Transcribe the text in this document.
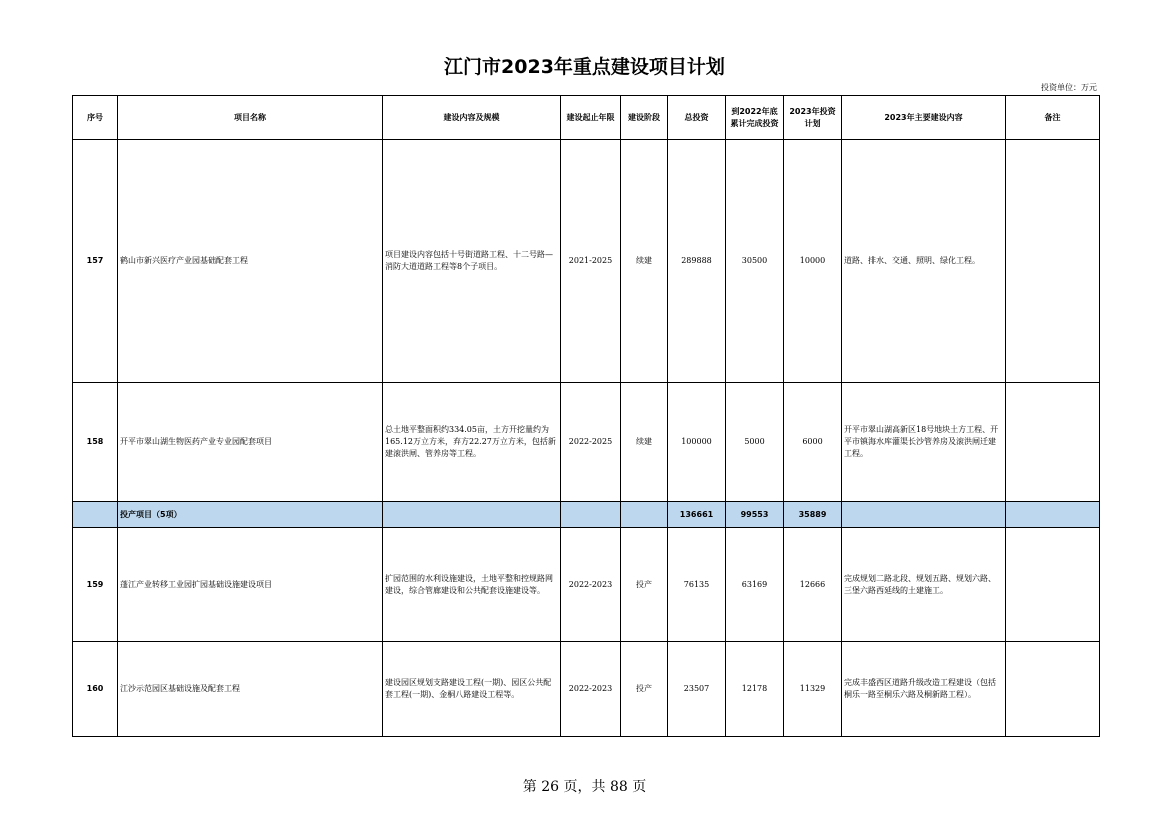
江门市2023年重点建设项目计划
投资单位：万元
序号	项目名称	建设内容及规模	建设起止年限	建设阶段	总投资	到2022年底累计完成投资	2023年投资计划	2023年主要建设内容	备注
157	鹤山市新兴医疗产业园基础配套工程	项目建设内容包括十号街道路工程、十二号路—消防大道道路工程等8个子项目。	2021-2025	续建	289888	30500	10000	道路、排水、交通、照明、绿化工程。	
158	开平市翠山湖生物医药产业专业园配套项目	总土地平整面积约334.05亩，土方开挖量约为165.12万立方米，弃方22.27万立方米，包括新建滚洪闸、管养房等工程。	2022-2025	续建	100000	5000	6000	开平市翠山湖高新区18号地块土方工程、开平市镇海水库灌渠长沙管养房及滚洪闸迁建工程。	
	投产项目（5项）				136661	99553	35889		
159	蓬江产业转移工业园扩园基础设施建设项目	扩园范围的水利设施建设，土地平整和控规路网建设，综合管廊建设和公共配套设施建设等。	2022-2023	投产	76135	63169	12666	完成规划二路北段、规划五路、规划六路、三堡六路西延线的土建施工。	
160	江沙示范园区基础设施及配套工程	建设园区规划支路建设工程(一期)、园区公共配套工程(一期)、金桐八路建设工程等。	2022-2023	投产	23507	12178	11329	完成丰盛西区道路升级改造工程建设（包括桐乐一路至桐乐六路及桐新路工程）。	
第 26 页，共 88 页
